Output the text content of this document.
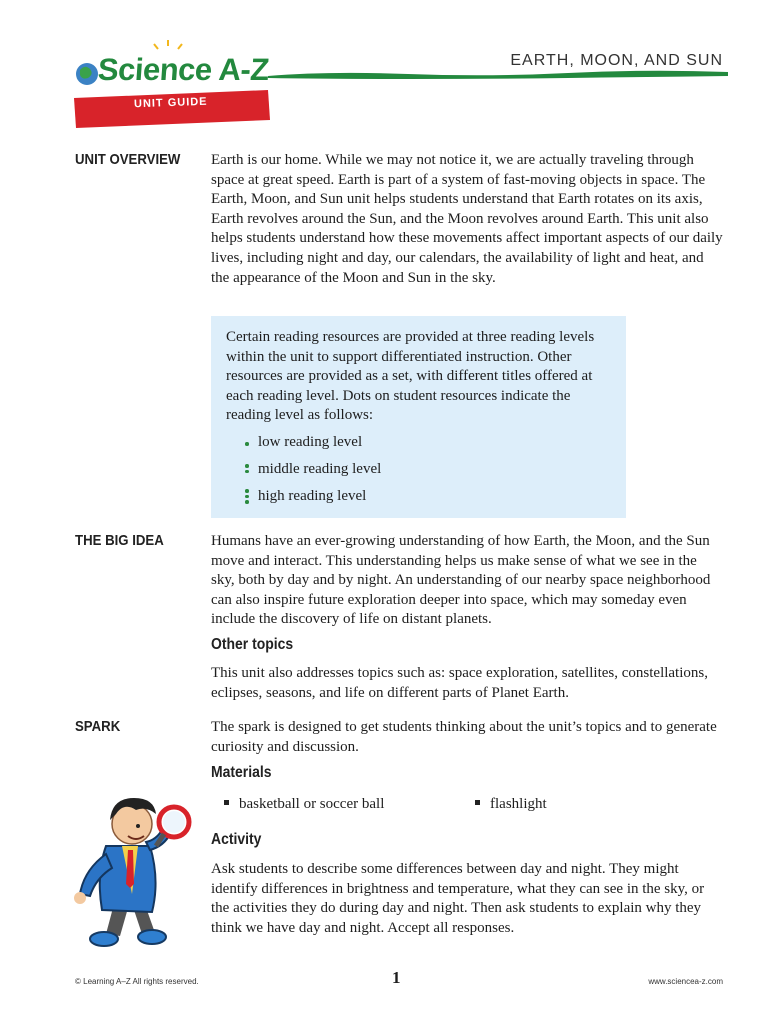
Science A-Z
UNIT GUIDE
EARTH, MOON, AND SUN
UNIT OVERVIEW Earth is our home. While we may not notice it, we are actually traveling through space at great speed. Earth is part of a system of fast-moving objects in space. The Earth, Moon, and Sun unit helps students understand that Earth rotates on its axis, Earth revolves around the Sun, and the Moon revolves around Earth. This unit also helps students understand how these movements affect important aspects of our daily lives, including night and day, our calendars, the availability of light and heat, and the appearance of the Moon and Sun in the sky.
Certain reading resources are provided at three reading levels within the unit to support differentiated instruction. Other resources are provided as a set, with different titles offered at each reading level. Dots on student resources indicate the reading level as follows:
low reading level
middle reading level
high reading level
THE BIG IDEA	Humans have an ever-growing understanding of how Earth, the Moon, and the Sun move and interact. This understanding helps us make sense of what we see in the sky, both by day and by night. An understanding of our nearby space neighborhood can also inspire future exploration deeper into space, which may someday even include the discovery of life on distant planets.
Other topics
This unit also addresses topics such as: space exploration, satellites, constellations, eclipses, seasons, and life on different parts of Planet Earth.
SPARK	The spark is designed to get students thinking about the unit’s topics and to generate curiosity and discussion.
Materials
basketball or soccer ball	flashlight
Activity
Ask students to describe some differences between day and night. They might identify differences in brightness and temperature, what they can see in the sky, or the activities they do during day and night. Then ask students to explain why they think we have day and night. Accept all responses.
© Learning A–Z All rights reserved.	1	www.sciencea-z.com
